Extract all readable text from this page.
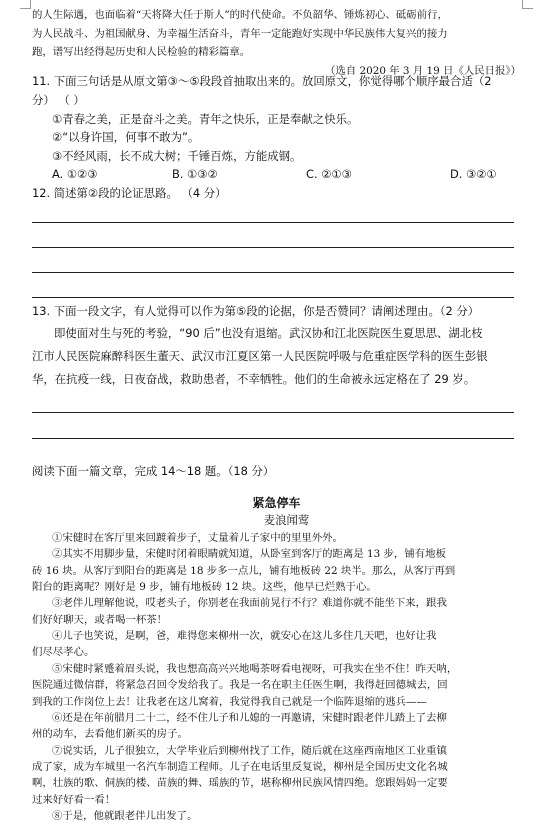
的人生际遇，也面临着“天将降大任于斯人”的时代使命。不负韶华、锤炼初心、砥砺前行，
为人民战斗、为祖国献身、为幸福生活奋斗，青年一定能跑好实现中华民族伟大复兴的接力
跑，谱写出经得起历史和人民检验的精彩篇章。
（选自 2020 年 3 月 19 日《人民日报》）
11. 下面三句话是从原文第③～⑤段段首抽取出来的。放回原文，你觉得哪个顺序最合适（2
分） （ ）
①青春之美，正是奋斗之美。青年之快乐，正是奉献之快乐。
②“以身许国，何事不敢为”。
③不经风雨，长不成大树；千锤百炼，方能成钢。
A. ①②③	B. ①③②	C. ②①③	D. ③②①
12. 简述第②段的论证思路。 （4 分）
13. 下面一段文字，有人觉得可以作为第⑤段的论据，你是否赞同？请阐述理由。（2 分）
即使面对生与死的考验，“90 后”也没有退缩。武汉协和江北医院医生夏思思、湖北枝
江市人民医院麻醉科医生董天、武汉市江夏区第一人民医院呼吸与危重症医学科的医生彭银
华，在抗疫一线，日夜奋战，救助患者，不幸牺牲。他们的生命被永远定格在了 29 岁。
阅读下面一篇文章，完成 14～18 题。（18 分）
紧急停车
麦浪闻莺
①宋健时在客厅里来回踱着步子，丈量着儿子家中的里里外外。
②其实不用脚步量，宋健时闭着眼睛就知道，从卧室到客厅的距离是 13 步，铺有地板
砖 16 块。从客厅到阳台的距离是 18 步多一点儿，铺有地板砖 22 块半。那么，从客厅再到
阳台的距离呢？刚好是 9 步，铺有地板砖 12 块。这些，他早已烂熟于心。
③老伴儿理解他说，哎老头子，你别老在我面前晃行不行？难道你就不能坐下来，跟我
们好好聊天，或者喝一杯茶！
④儿子也笑说，是啊，爸，难得您来柳州一次，就安心在这儿多住几天吧，也好让我
们尽尽孝心。
⑤宋健时紧蹙着眉头说，我也想高高兴兴地喝茶呀看电视呀，可我实在坐不住！昨天呐，
医院通过微信群，将紧急召回令发给我了。我是一名在职主任医生啊，我得赶回德城去，回
到我的工作岗位上去！让我老在这儿窝着，我觉得我自己就是一个临阵退缩的逃兵——
⑥还是在年前腊月二十二，经不住儿子和儿媳的一再邀请，宋健时跟老伴儿踏上了去柳
州的动车，去看他们新买的房子。
⑦说实话，儿子很独立，大学毕业后到柳州找了工作，随后就在这座西南地区工业重镇
成了家，成为车城里一名汽车制造工程师。儿子在电话里反复说，柳州是全国历史文化名城
啊，壮族的歌、侗族的楼、苗族的舞、瑶族的节，堪称柳州民族风情四绝。您跟妈妈一定要
过来好好看一看！
⑧于是，他就跟老伴儿出发了。
